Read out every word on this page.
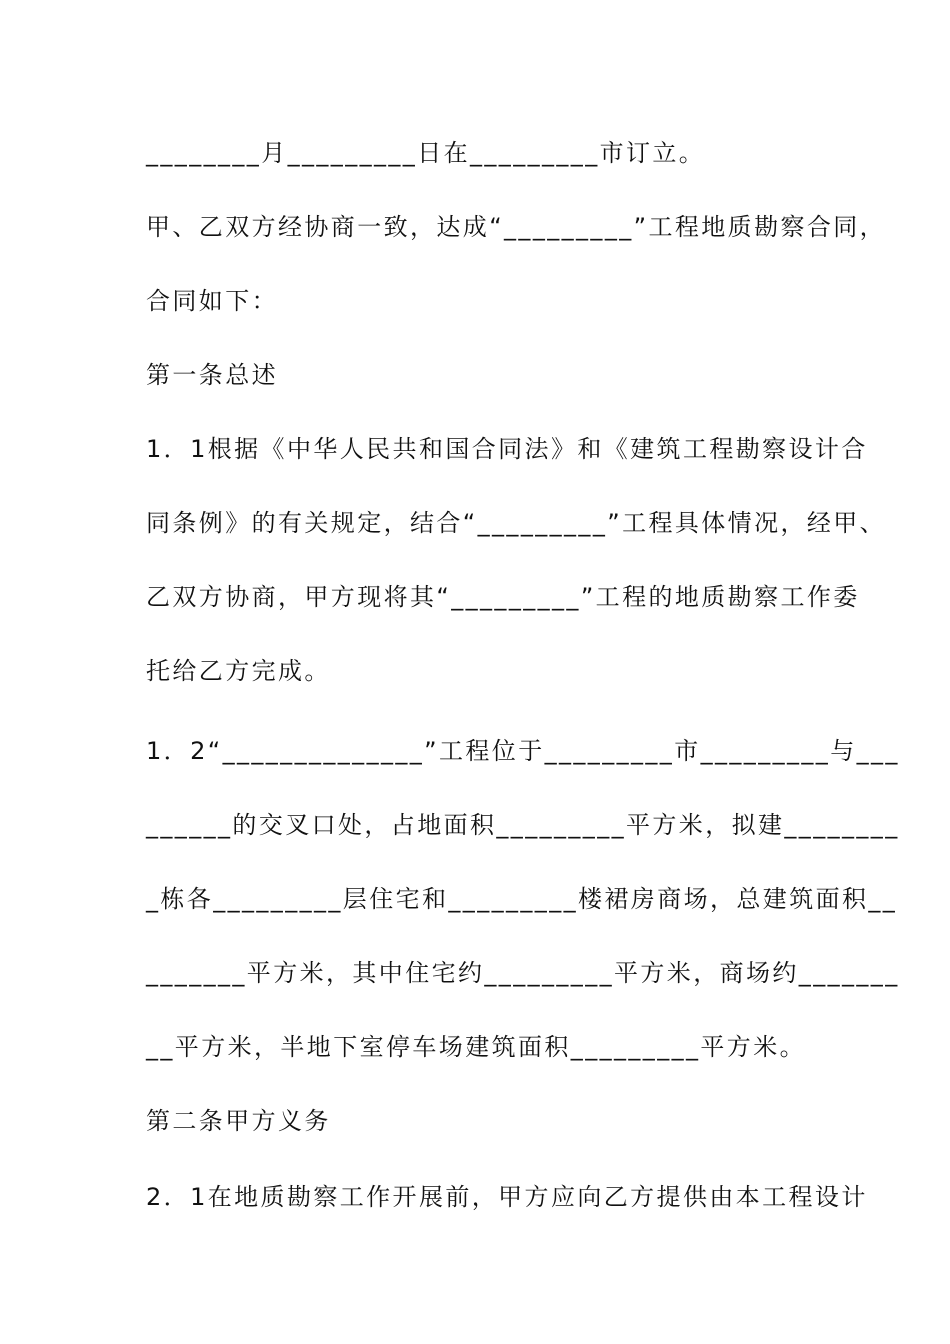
________月_________日在_________市订立。
甲、乙双方经协商一致，达成“_________”工程地质勘察合同，
合同如下：
第一条总述
1．1根据《中华人民共和国合同法》和《建筑工程勘察设计合
同条例》的有关规定，结合“_________”工程具体情况，经甲、
乙双方协商，甲方现将其“_________”工程的地质勘察工作委
托给乙方完成。
1．2“______________”工程位于_________市_________与___
______的交叉口处，占地面积_________平方米，拟建________
_栋各_________层住宅和_________楼裙房商场，总建筑面积__
_______平方米，其中住宅约_________平方米，商场约_______
__平方米，半地下室停车场建筑面积_________平方米。
第二条甲方义务
2．1在地质勘察工作开展前，甲方应向乙方提供由本工程设计
